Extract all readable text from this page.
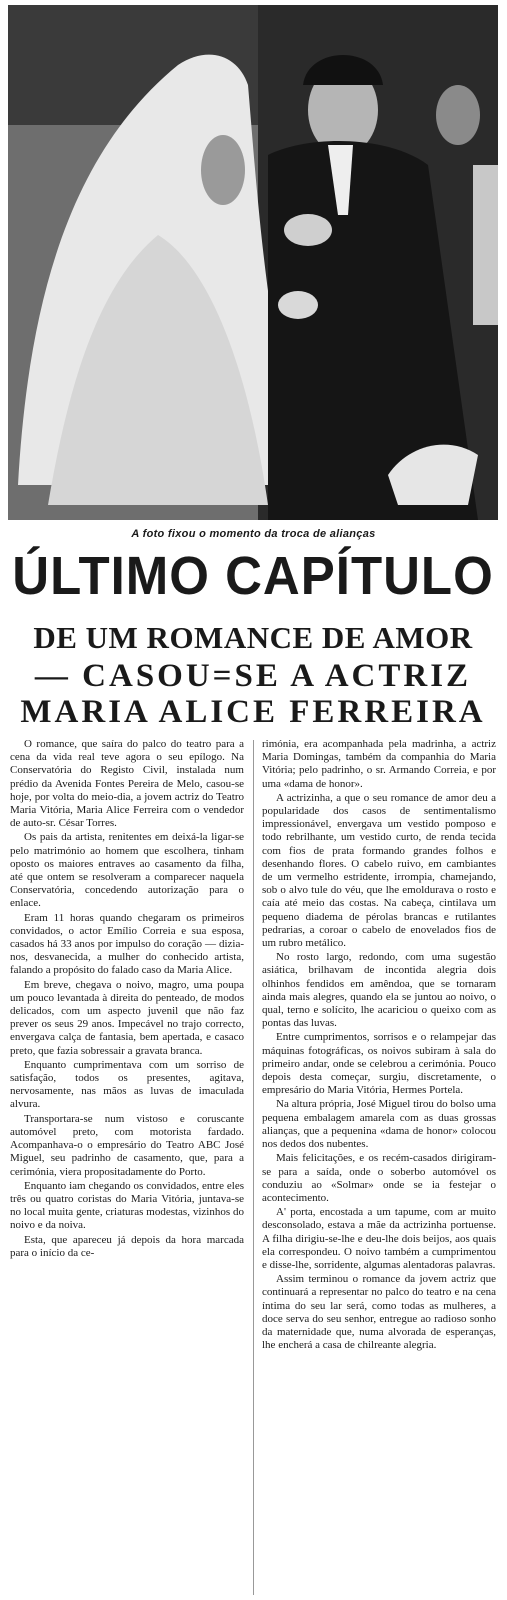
A foto fixou o momento da troca de alianças
ÚLTIMO CAPÍTULO
DE UM ROMANCE DE AMOR
— CASOU=SE A ACTRIZ
MARIA ALICE FERREIRA

O romance, que saíra do palco do teatro para a cena da vida real teve agora o seu epílogo. Na Conservatória do Registo Civil, instalada num prédio da Avenida Fontes Pereira de Melo, casou-se hoje, por volta do meio-dia, a jovem actriz do Teatro Maria Vitória, Maria Alice Ferreira com o vendedor de auto-sr. César Torres.

Os pais da artista, renitentes em deixá-la ligar-se pelo matrimónio ao homem que escolhera, tinham oposto os maiores entraves ao casamento da filha, até que ontem se resolveram a comparecer naquela Conservatória, concedendo autorização para o enlace.

Eram 11 horas quando chegaram os primeiros convidados, o actor Emílio Correia e sua esposa, casados há 33 anos por impulso do coração — dizia-nos, desvanecida, a mulher do conhecido artista, falando a propósito do falado caso da Maria Alice.

Em breve, chegava o noivo, magro, uma poupa um pouco levantada à direita do penteado, de modos delicados, com um aspecto juvenil que não faz prever os seus 29 anos. Impecável no trajo correcto, envergava calça de fantasia, bem apertada, e casaco preto, que fazia sobressair a gravata branca.

Enquanto cumprimentava com um sorriso de satisfação, todos os presentes, agitava, nervosamente, nas mãos as luvas de imaculada alvura.

Transportara-se num vistoso e coruscante automóvel preto, com motorista fardado. Acompanhava-o o empresário do Teatro ABC José Miguel, seu padrinho de casamento, que, para a cerimónia, viera propositadamente do Porto.

Enquanto iam chegando os convidados, entre eles três ou quatro coristas do Maria Vitória, juntava-se no local muita gente, criaturas modestas, vizinhos do noivo e da noiva.

Esta, que apareceu já depois da hora marcada para o início da ce-

rimónia, era acompanhada pela madrinha, a actriz Maria Domingas, também da companhia do Maria Vitória; pelo padrinho, o sr. Armando Correia, e por uma «dama de honor».

A actrizinha, a que o seu romance de amor deu a popularidade dos casos de sentimentalismo impressionável, envergava um vestido pomposo e todo rebrilhante, um vestido curto, de renda tecida com fios de prata formando grandes folhos e desenhando flores. O cabelo ruivo, em cambiantes de um vermelho estridente, irrompia, chamejando, sob o alvo tule do véu, que lhe emoldurava o rosto e caía até meio das costas. Na cabeça, cintilava um pequeno diadema de pérolas brancas e rutilantes pedrarias, a coroar o cabelo de enovelados fios de um rubro metálico.

No rosto largo, redondo, com uma sugestão asiática, brilhavam de incontida alegria dois olhinhos fendidos em amêndoa, que se tornaram ainda mais alegres, quando ela se juntou ao noivo, o qual, terno e solícito, lhe acariciou o queixo com as pontas das luvas.

Entre cumprimentos, sorrisos e o relampejar das máquinas fotográficas, os noivos subiram à sala do primeiro andar, onde se celebrou a cerimónia. Pouco depois desta começar, surgiu, discretamente, o empresário do Maria Vitória, Hermes Portela.

Na altura própria, José Miguel tirou do bolso uma pequena embalagem amarela com as duas grossas alianças, que a pequenina «dama de honor» colocou nos dedos dos nubentes.

Mais felicitações, e os recém-casados dirigiram-se para a saída, onde o soberbo automóvel os conduziu ao «Solmar» onde se ia festejar o acontecimento.

A' porta, encostada a um tapume, com ar muito desconsolado, estava a mãe da actrizinha portuense. A filha dirigiu-se-lhe e deu-lhe dois beijos, aos quais ela correspondeu. O noivo também a cumprimentou e disse-lhe, sorridente, algumas alentadoras palavras.

Assim terminou o romance da jovem actriz que continuará a representar no palco do teatro e na cena íntima do seu lar será, como todas as mulheres, a doce serva do seu senhor, entregue ao radioso sonho da maternidade que, numa alvorada de esperanças, lhe encherá a casa de chilreante alegria.
